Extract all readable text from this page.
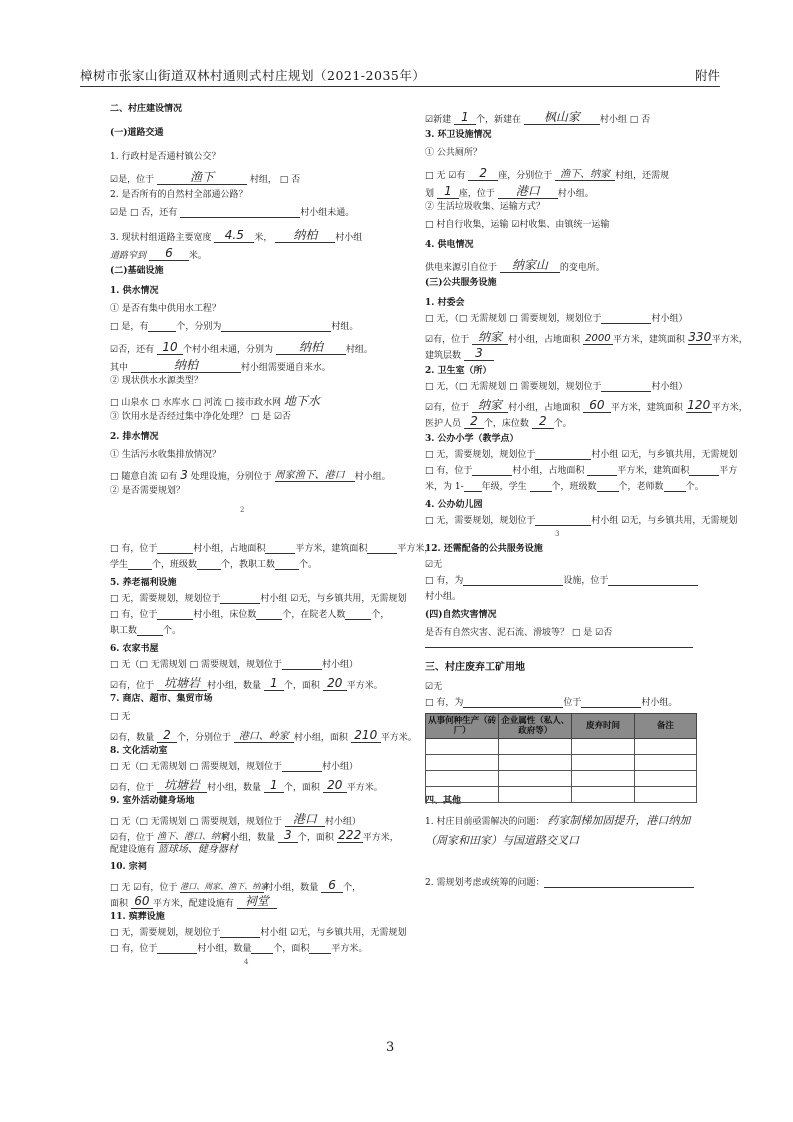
樟树市张家山街道双林村通则式村庄规划（2021-2035年）	附件
二、村庄建设情况
(一)道路交通
1. 行政村是否通村镇公交？
☑是，位于	渔下	村组， □ 否
2. 是否所有的自然村全部通公路？
☑是 □ 否，还有	村小组未通。
3. 现状村组道路主要宽度 4.5 米， 纳柏 村小组
道路窄到 6 米。
(二)基础设施
1. 供水情况
① 是否有集中供用水工程？
□ 是，有	个，分别为	村组。
☑否，还有 10 个村小组未通，分别为 纳柏	村组。
其中	纳柏	村小组需要通自来水。
② 现状供水水源类型？
□ 山泉水 □ 水库水 □ 河流 □ 接市政水网 地下水
③ 饮用水是否经过集中净化处理？ □ 是 ☑否
2. 排水情况
① 生活污水收集排放情况？
□ 随意自流 ☑有 3 处理设施，分别位于 周家渔下、港口 村小组。
② 是否需要规划？
2
☑新建 1 个，新建在 枫山家 村小组 □ 否
3. 环卫设施情况
① 公共厕所？
□ 无 ☑有 2 座，分别位于 渔下、纳家 村组，还需规
划 1 座，位于 港口 村小组。
② 生活垃圾收集、运输方式？
□ 村自行收集，运输 ☑村收集、由镇统一运输
4. 供电情况
供电来源引自位于 纳家山 的变电所。
(三)公共服务设施
1. 村委会
□ 无，（□ 无需规划 □ 需要规划，规划位于	村小组）
☑有，位于 纳家 村小组，占地面积 2000 平方米，建筑面积 330平方米，
建筑层数 3
2. 卫生室（所）
□ 无，（□ 无需规划 □ 需要规划，规划位于	村小组）
☑有，位于 纳家 村小组，占地面积 60 平方米，建筑面积 120 平方米，
医护人员 2 个，床位数 2 个。
3. 公办小学（教学点）
□ 无，需要规划，规划位于	村小组 ☑无，与乡镇共用，无需规划
□ 有，位于	村小组，占地面积	平方米，建筑面积	平方
米，为 1- 年级，学生	个，班级数 个，老师数 个。
4. 公办幼儿园
□ 无，需要规划，规划位于	村小组 ☑无，与乡镇共用，无需规划
3
□ 有，位于	村小组，占地面积	平方米，建筑面积	平方米，
学生	个，班级数	个，教职工数	个。
5. 养老福利设施
□ 无，需要规划，规划位于	村小组 ☑无，与乡镇共用，无需规划
□ 有，位于	村小组，床位数	个，在院老人数	个，
职工数	个。
6. 农家书屋
□ 无（□ 无需规划 □ 需要规划，规划位于	村小组）
☑有，位于 坑塘岩 村小组，数量 1 个，面积 20 平方米。
7. 商店、超市、集贸市场
□ 无
☑有，数量 2 个，分别位于 港口、岭家 村小组，面积 210 平方米。
8. 文化活动室
□ 无（□ 无需规划 □ 需要规划，规划位于	村小组）
☑有，位于 坑塘岩 村小组，数量 1 个，面积 20 平方米。
9. 室外活动健身场地
□ 无（□ 无需规划 □ 需要规划，规划位于 港口 村小组）
☑有，位于 渔下、港口、纳家村小组，数量 3 个，面积 222 平方米，
配建设施有 篮球场、健身器材
10. 宗祠
□ 无 ☑有，位于 港口、周家、渔下、纳家村小组，数量 6 个，
面积 60 平方米，配建设施有 祠堂
11. 殡葬设施
□ 无，需要规划，规划位于	村小组 ☑无，与乡镇共用，无需规划
□ 有，位于	村小组，数量 个，面积 平方米。
4
12. 还需配备的公共服务设施
☑无
□ 有，为	设施，位于
村小组。
(四)自然灾害情况
是否有自然灾害、泥石流、滑坡等？ □ 是 ☑否
三、村庄废弃工矿用地
☑无
□ 有，为	位于	村小组。
四、其他
1. 村庄目前亟需解决的问题： 药家制梯加固提升，港口纳加
（周家和田家）与国道路交叉口
2. 需规划考虑或统筹的问题：
从事何种生产（砖厂）	企业属性（私人、政府等）	废弃时间	备注

3
